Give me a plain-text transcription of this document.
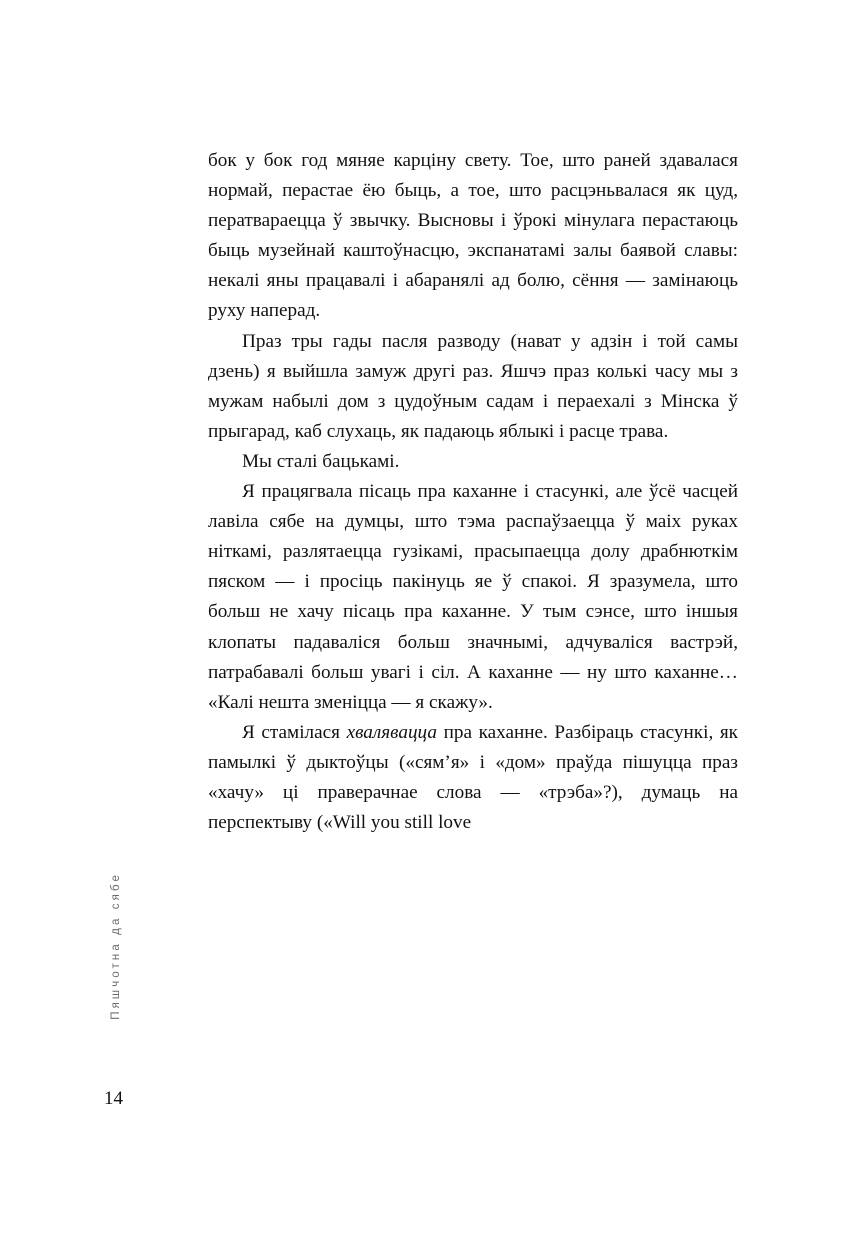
Пяшчотна да сябе

бок у бок год мяняе карціну свету. Тое, што раней здавалася нормай, перастае ёю быць, а тое, што расцэньвалася як цуд, ператвараецца ў звычку. Высновы і ўрокі мінулага перастаюць быць музейнай каштоўнасцю, экспанатамі залы баявой славы: некалі яны працавалі і абаранялі ад болю, сёння — замінаюць руху наперад.

Праз тры гады пасля разводу (нават у адзін і той самы дзень) я выйшла замуж другі раз. Яшчэ праз колькі часу мы з мужам набылі дом з цудоўным садам і пераехалі з Мінска ў прыгарад, каб слухаць, як падаюць яблыкі і расце трава.

Мы сталі бацькамі.

Я працягвала пісаць пра каханне і стасункі, але ўсё часцей лавіла сябе на думцы, што тэма распаўзаецца ў маіх руках ніткамі, разлятаецца гузікамі, прасыпаецца долу драбнюткім пяском — і просіць пакінуць яе ў спакоі. Я зразумела, што больш не хачу пісаць пра каханне. У тым сэнсе, што іншыя клопаты падаваліся больш значнымі, адчуваліся вастрэй, патрабавалі больш увагі і сіл. А каханне — ну што каханне… «Калі нешта зменіцца — я скажу».

Я стамілася хвалявацца пра каханне. Разбіраць стасункі, як памылкі ў дыктоўцы («сям’я» і «дом» праўда пішуцца праз «хачу» ці праверачнае слова — «трэба»?), думаць на перспектыву («Will you still love

14
